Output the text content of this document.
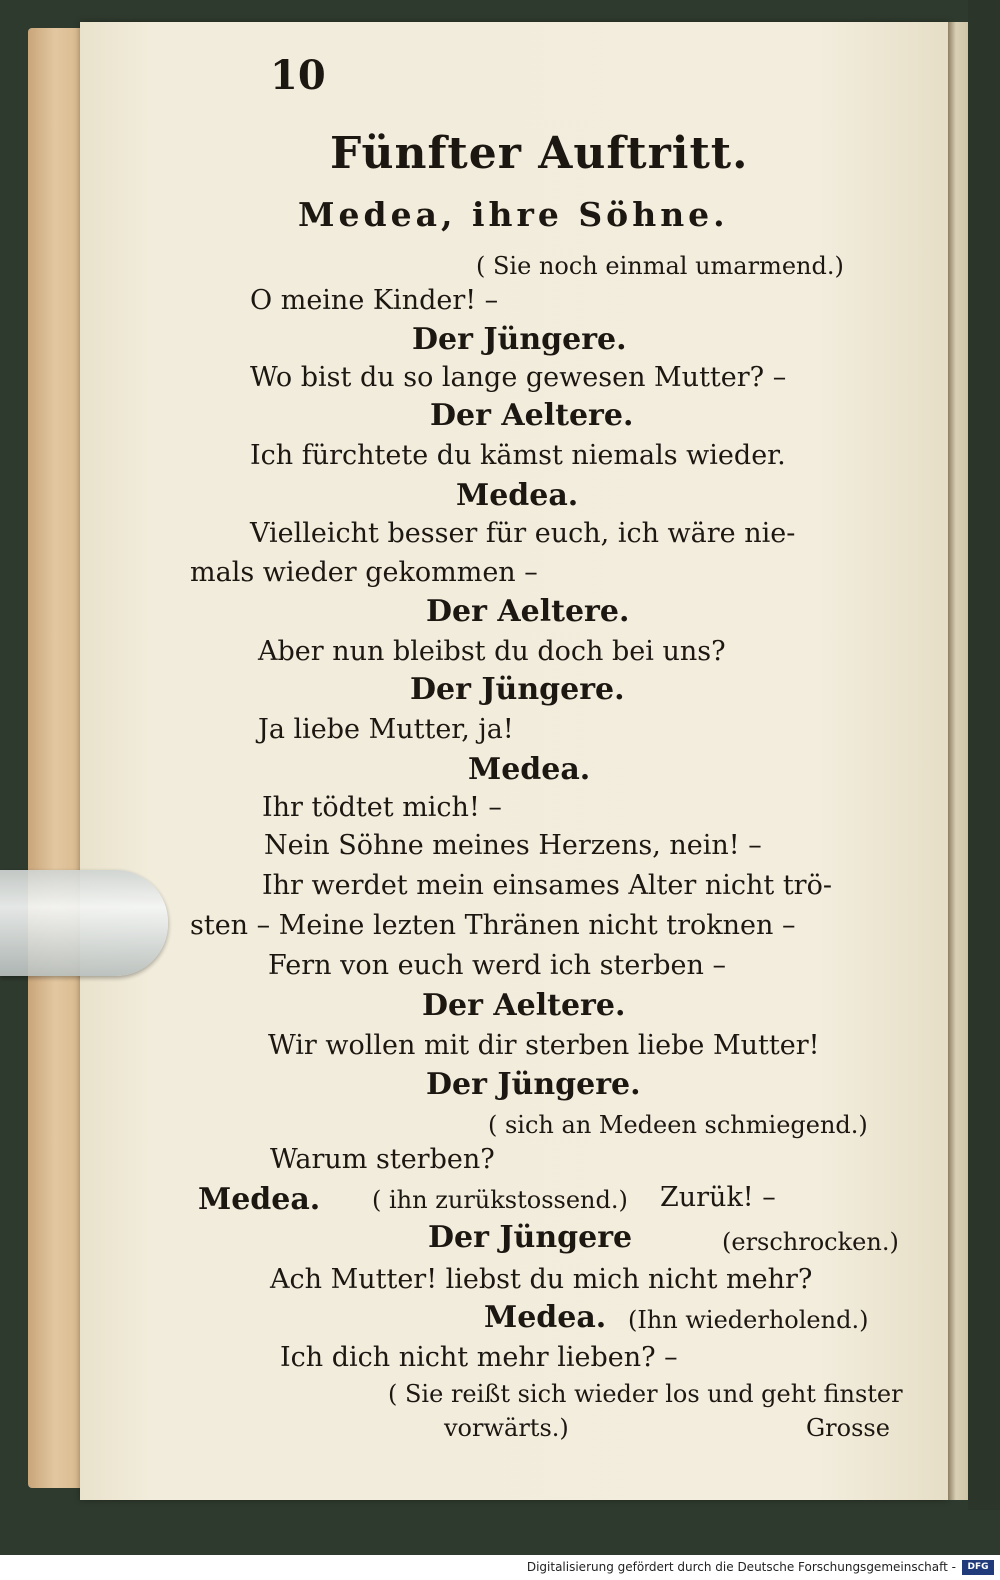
10
Fünfter Auftritt.
Medea, ihre Söhne.
( Sie noch einmal umarmend.)
O meine Kinder! –
Der Jüngere.
Wo bist du so lange gewesen Mutter? –
Der Aeltere.
Ich fürchtete du kämst niemals wieder.
Medea.
Vielleicht besser für euch, ich wäre nie-
mals wieder gekommen –
Der Aeltere.
Aber nun bleibst du doch bei uns?
Der Jüngere.
Ja liebe Mutter, ja!
Medea.
Ihr tödtet mich! –
Nein Söhne meines Herzens, nein! –
Ihr werdet mein einsames Alter nicht trö-
sten – Meine lezten Thränen nicht troknen –
Fern von euch werd ich sterben –
Der Aeltere.
Wir wollen mit dir sterben liebe Mutter!
Der Jüngere.
( sich an Medeen schmiegend.)
Warum sterben?
Medea. ( ihn zurükstossend.) Zurük! –
Der Jüngere	(erschrocken.)
Ach Mutter! liebst du mich nicht mehr?
Medea. (Ihn wiederholend.)
Ich dich nicht mehr lieben? –
( Sie reißt sich wieder los und geht finster
vorwärts.)	Grosse
Digitalisierung gefördert durch die Deutsche Forschungsgemeinschaft -	DFG
